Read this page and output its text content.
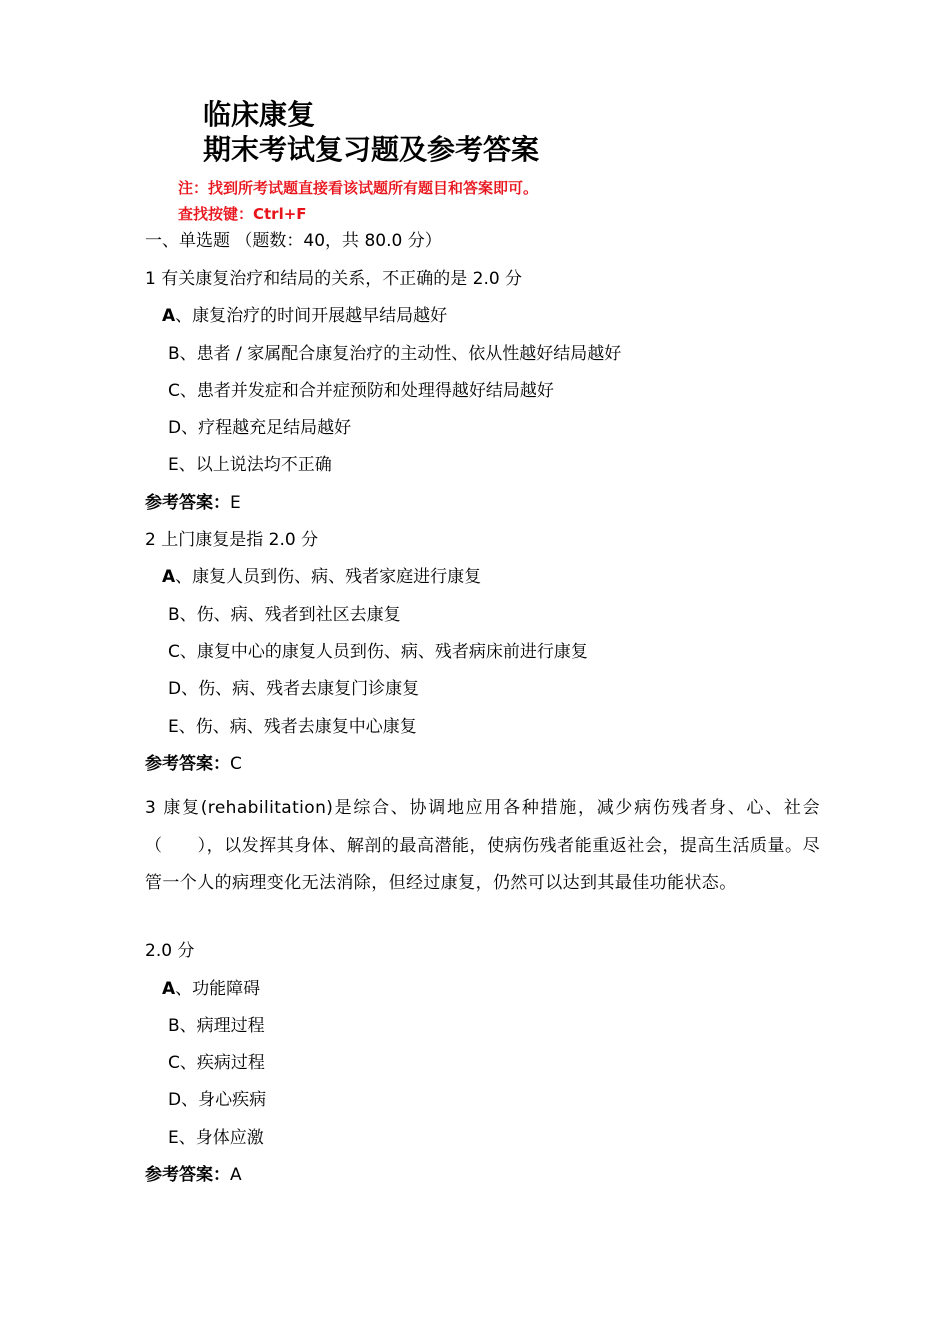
临床康复
期末考试复习题及参考答案
注：找到所考试题直接看该试题所有题目和答案即可。
查找按键：Ctrl+F
一、单选题 （题数：40，共 80.0 分）
1 有关康复治疗和结局的关系，不正确的是 2.0 分
A、康复治疗的时间开展越早结局越好
B、患者 / 家属配合康复治疗的主动性、依从性越好结局越好
C、患者并发症和合并症预防和处理得越好结局越好
D、疗程越充足结局越好
E、以上说法均不正确
参考答案：E
2 上门康复是指 2.0 分
A、康复人员到伤、病、残者家庭进行康复
B、伤、病、残者到社区去康复
C、康复中心的康复人员到伤、病、残者病床前进行康复
D、伤、病、残者去康复门诊康复
E、伤、病、残者去康复中心康复
参考答案：C
3 康复(rehabilitation)是综合、协调地应用各种措施，减少病伤残者身、心、社会（　　），以发挥其身体、解剖的最高潜能，使病伤残者能重返社会，提高生活质量。尽管一个人的病理变化无法消除，但经过康复，仍然可以达到其最佳功能状态。
2.0 分
A、功能障碍
B、病理过程
C、疾病过程
D、身心疾病
E、身体应激
参考答案：A
